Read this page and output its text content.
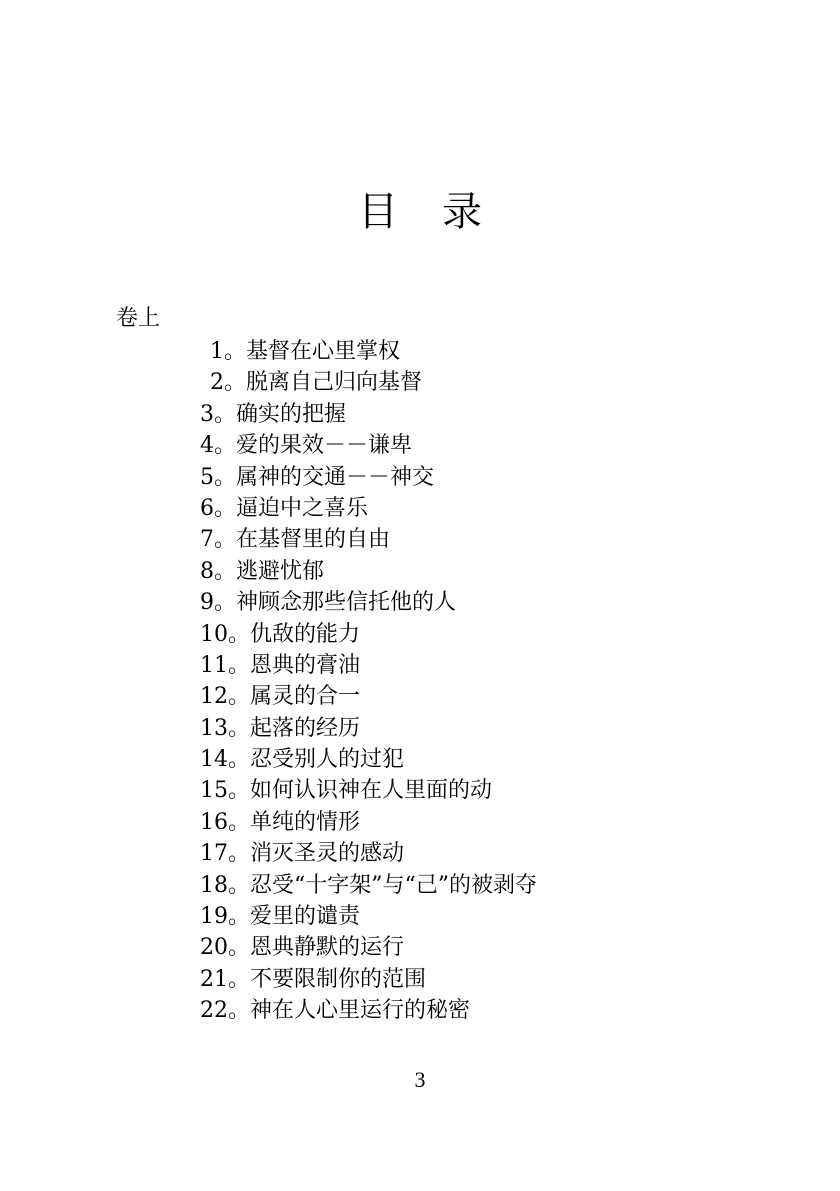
目 录
卷上
1。基督在心里掌权
2。脱离自己归向基督
3。确实的把握
4。爱的果效－－谦卑
5。属神的交通－－神交
6。逼迫中之喜乐
7。在基督里的自由
8。逃避忧郁
9。神顾念那些信托他的人
10。仇敌的能力
11。恩典的膏油
12。属灵的合一
13。起落的经历
14。忍受别人的过犯
15。如何认识神在人里面的动
16。单纯的情形
17。消灭圣灵的感动
18。忍受“十字架”与“己”的被剥夺
19。爱里的谴责
20。恩典静默的运行
21。不要限制你的范围
22。神在人心里运行的秘密
3
